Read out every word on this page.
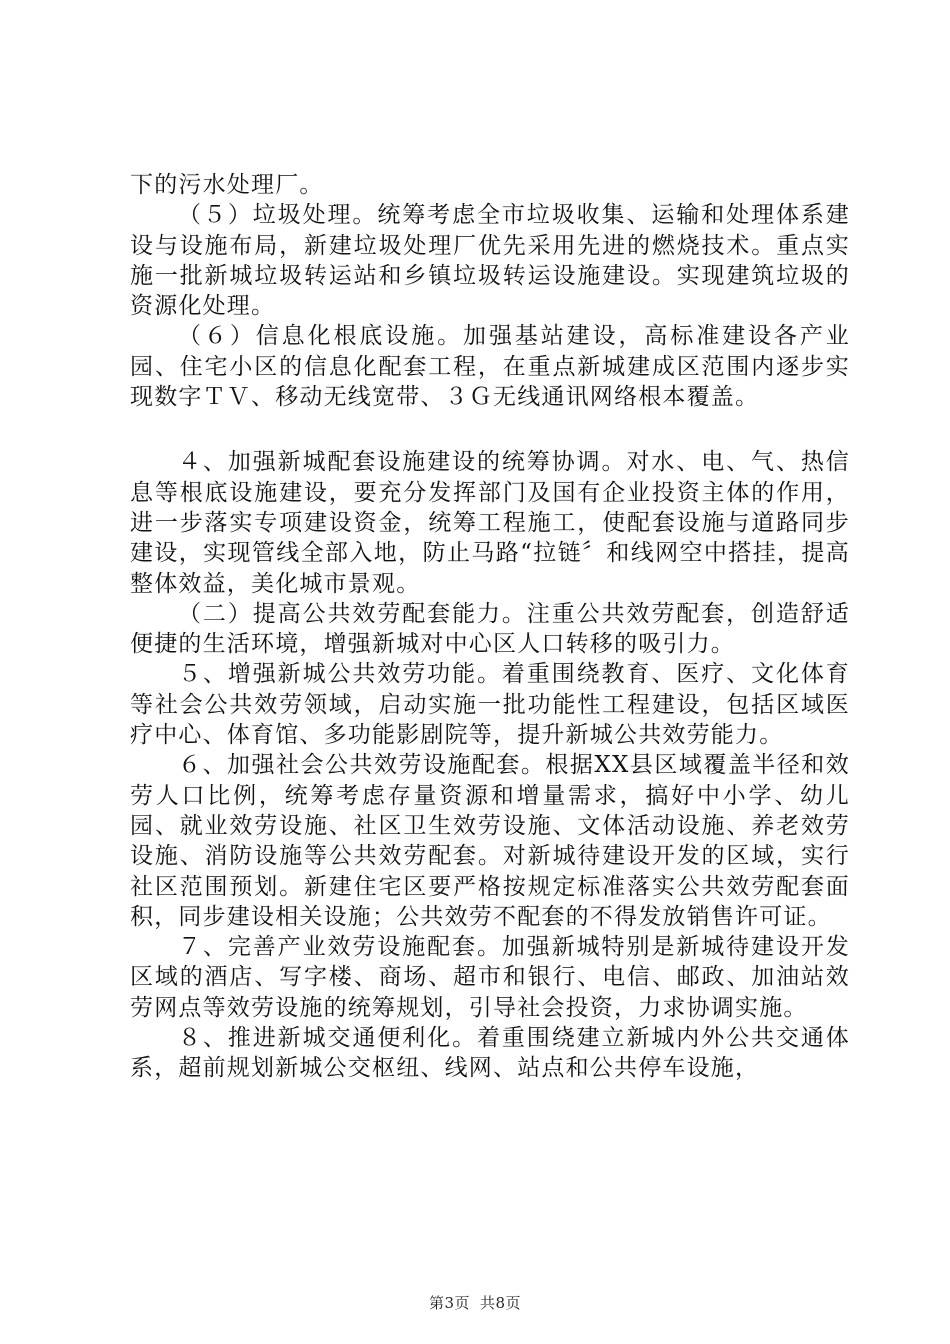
下的污水处理厂。

（５）垃圾处理。统筹考虑全市垃圾收集、运输和处理体系建设与设施布局，新建垃圾处理厂优先采用先进的燃烧技术。重点实施一批新城垃圾转运站和乡镇垃圾转运设施建设。实现建筑垃圾的资源化处理。

（６）信息化根底设施。加强基站建设，高标准建设各产业园、住宅小区的信息化配套工程，在重点新城建成区范围内逐步实现数字ＴＶ、移动无线宽带、３Ｇ无线通讯网络根本覆盖。

４、加强新城配套设施建设的统筹协调。对水、电、气、热信息等根底设施建设，要充分发挥部门及国有企业投资主体的作用，进一步落实专项建设资金，统筹工程施工，使配套设施与道路同步建设，实现管线全部入地，防止马路“拉链〞和线网空中搭挂，提高整体效益，美化城市景观。

（二）提高公共效劳配套能力。注重公共效劳配套，创造舒适便捷的生活环境，增强新城对中心区人口转移的吸引力。

５、增强新城公共效劳功能。着重围绕教育、医疗、文化体育等社会公共效劳领域，启动实施一批功能性工程建设，包括区域医疗中心、体育馆、多功能影剧院等，提升新城公共效劳能力。

６、加强社会公共效劳设施配套。根据XX县区域覆盖半径和效劳人口比例，统筹考虑存量资源和增量需求，搞好中小学、幼儿园、就业效劳设施、社区卫生效劳设施、文体活动设施、养老效劳设施、消防设施等公共效劳配套。对新城待建设开发的区域，实行社区范围预划。新建住宅区要严格按规定标准落实公共效劳配套面积，同步建设相关设施；公共效劳不配套的不得发放销售许可证。

７、完善产业效劳设施配套。加强新城特别是新城待建设开发区域的酒店、写字楼、商场、超市和银行、电信、邮政、加油站效劳网点等效劳设施的统筹规划，引导社会投资，力求协调实施。

８、推进新城交通便利化。着重围绕建立新城内外公共交通体系，超前规划新城公交枢纽、线网、站点和公共停车设施，

第3页 共8页
